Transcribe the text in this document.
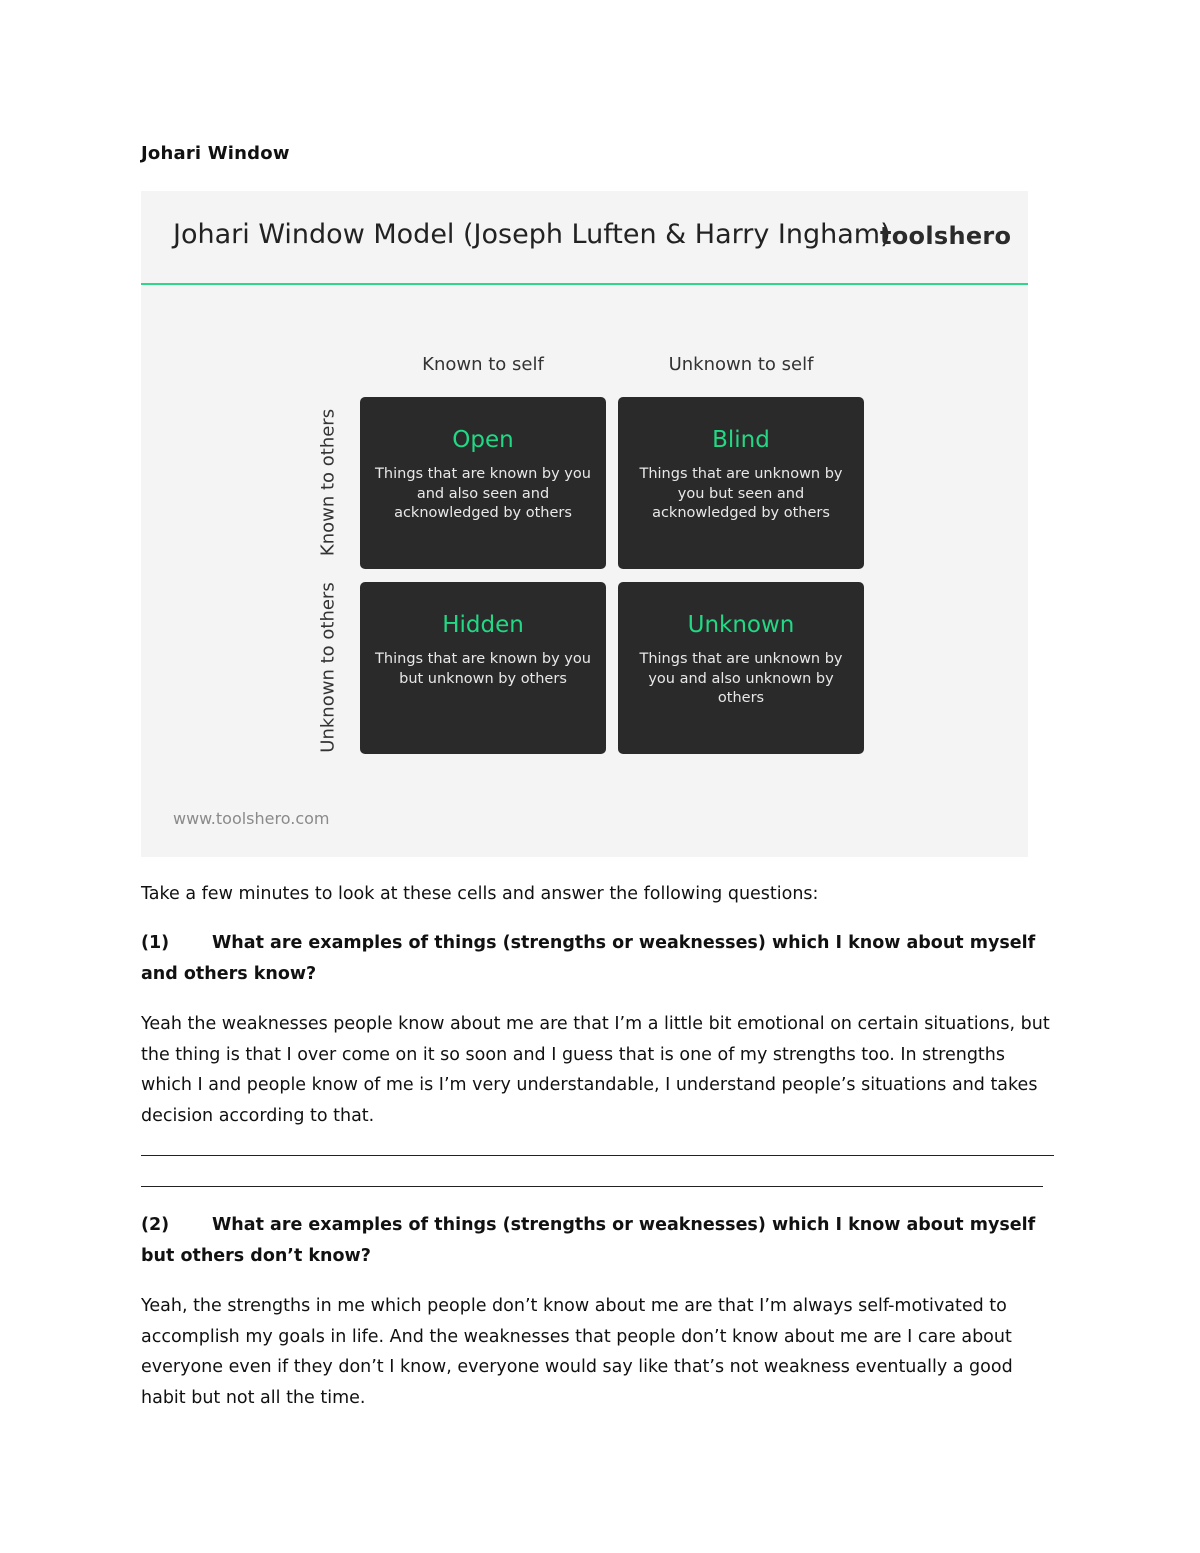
Johari Window
Johari Window Model (Joseph Luften & Harry Ingham)
toolshero
Known to self	Unknown to self
Known to others
Unknown to others
Open
Things that are known by you and also seen and acknowledged by others
Blind
Things that are unknown by you but seen and acknowledged by others
Hidden
Things that are known by you but unknown by others
Unknown
Things that are unknown by you and also unknown by others
www.toolshero.com
Take a few minutes to look at these cells and answer the following questions:
(1) What are examples of things (strengths or weaknesses) which I know about myself and others know?
Yeah the weaknesses people know about me are that I’m a little bit emotional on certain situations, but the thing is that I over come on it so soon and I guess that is one of my strengths too. In strengths which I and people know of me is I’m very understandable, I understand people’s situations and takes decision according to that.
(2) What are examples of things (strengths or weaknesses) which I know about myself but others don’t know?
Yeah, the strengths in me which people don’t know about me are that I’m always self-motivated to accomplish my goals in life. And the weaknesses that people don’t know about me are I care about everyone even if they don’t I know, everyone would say like that’s not weakness eventually a good habit but not all the time.
